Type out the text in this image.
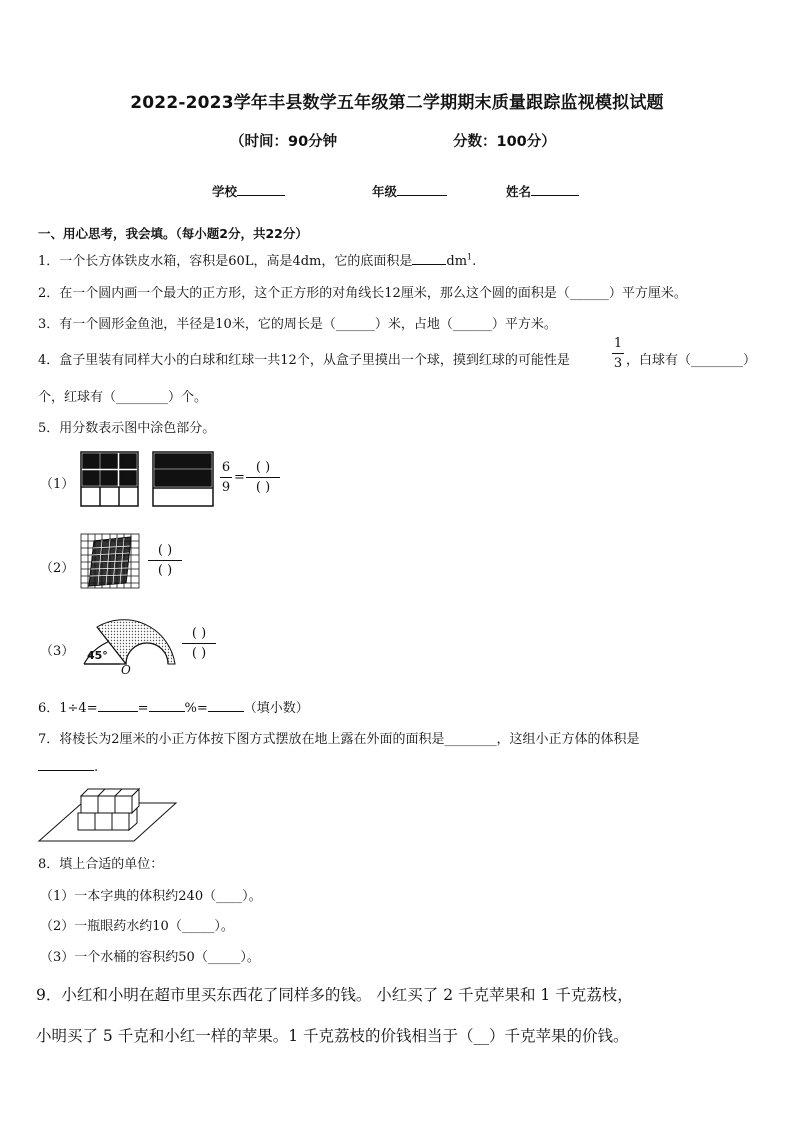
2022-2023学年丰县数学五年级第二学期期末质量跟踪监视模拟试题
（时间：90分钟	分数：100分）
学校	年级	姓名
一、用心思考，我会填。（每小题2分，共22分）
1．一个长方体铁皮水箱，容积是60L，高是4dm，它的底面积是	$dm^1$.
2．在一个圆内画一个最大的正方形，这个正方形的对角线长12厘米，那么这个圆的面积是（______）平方厘米。
3．有一个圆形金鱼池，半径是10米，它的周长是（______）米，占地（______）平方米。
4．盒子里装有同样大小的白球和红球一共12个，从盒子里摸出一个球，摸到红球的可能性是
1
3 ，白球有（________）
个，红球有（________）个。
5．用分数表示图中涂色部分。
（1）
6
9
=
( )
( )
（2）
( )
( )
（3） 45°
O
( )
( )
6．1÷4=	=	%=	（填小数）
7．将棱长为2厘米的小正方体按下图方式摆放在地上露在外面的面积是________，这组小正方体的体积是
.
8．填上合适的单位：
（1）一本字典的体积约240（____）。
（2）一瓶眼药水约10（_____）。
（3）一个水桶的容积约50（_____）。
9．小红和小明在超市里买东西花了同样多的钱。 小红买了 2 千克苹果和 1 千克荔枝，
小明买了 5 千克和小红一样的苹果。1 千克荔枝的价钱相当于（__）千克苹果的价钱。
